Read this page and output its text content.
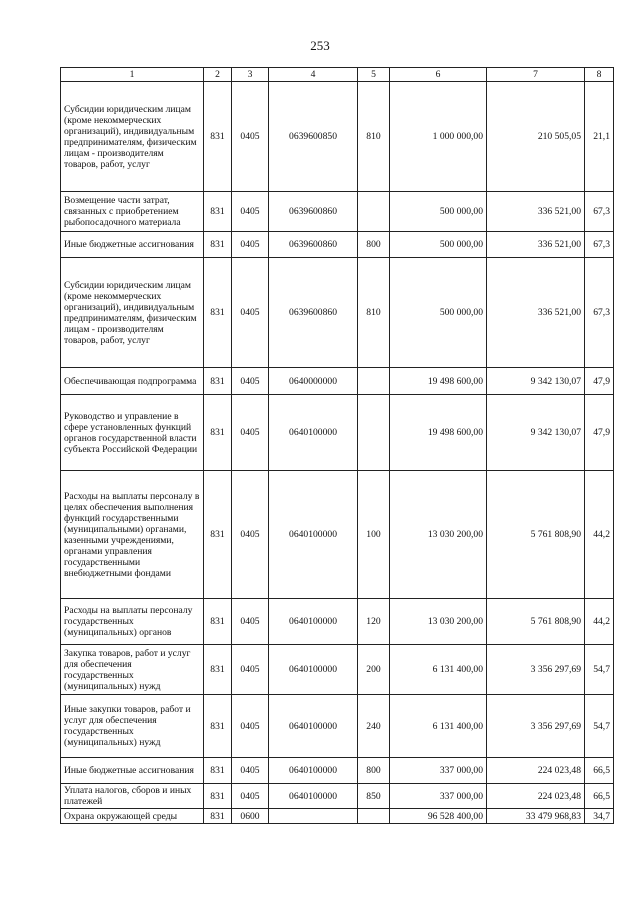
253
1	2	3	4	5	6	7	8
Субсидии юридическим лицам (кроме некоммерческих организаций), индивидуальным предпринимателям, физическим лицам - производителям товаров, работ, услуг	831	0405	0639600850	810	1 000 000,00	210 505,05	21,1
Возмещение части затрат, связанных с приобретением рыбопосадочного материала	831	0405	0639600860		500 000,00	336 521,00	67,3
Иные бюджетные ассигнования	831	0405	0639600860	800	500 000,00	336 521,00	67,3
Субсидии юридическим лицам (кроме некоммерческих организаций), индивидуальным предпринимателям, физическим лицам - производителям товаров, работ, услуг	831	0405	0639600860	810	500 000,00	336 521,00	67,3
Обеспечивающая подпрограмма	831	0405	0640000000		19 498 600,00	9 342 130,07	47,9
Руководство и управление в сфере установленных функций органов государственной власти субъекта Российской Федерации	831	0405	0640100000		19 498 600,00	9 342 130,07	47,9
Расходы на выплаты персоналу в целях обеспечения выполнения функций государственными (муниципальными) органами, казенными учреждениями, органами управления государственными внебюджетными фондами	831	0405	0640100000	100	13 030 200,00	5 761 808,90	44,2
Расходы на выплаты персоналу государственных (муниципальных) органов	831	0405	0640100000	120	13 030 200,00	5 761 808,90	44,2
Закупка товаров, работ и услуг для обеспечения государственных (муниципальных) нужд	831	0405	0640100000	200	6 131 400,00	3 356 297,69	54,7
Иные закупки товаров, работ и услуг для обеспечения государственных (муниципальных) нужд	831	0405	0640100000	240	6 131 400,00	3 356 297,69	54,7
Иные бюджетные ассигнования	831	0405	0640100000	800	337 000,00	224 023,48	66,5
Уплата налогов, сборов и иных платежей	831	0405	0640100000	850	337 000,00	224 023,48	66,5
Охрана окружающей среды	831	0600			96 528 400,00	33 479 968,83	34,7
